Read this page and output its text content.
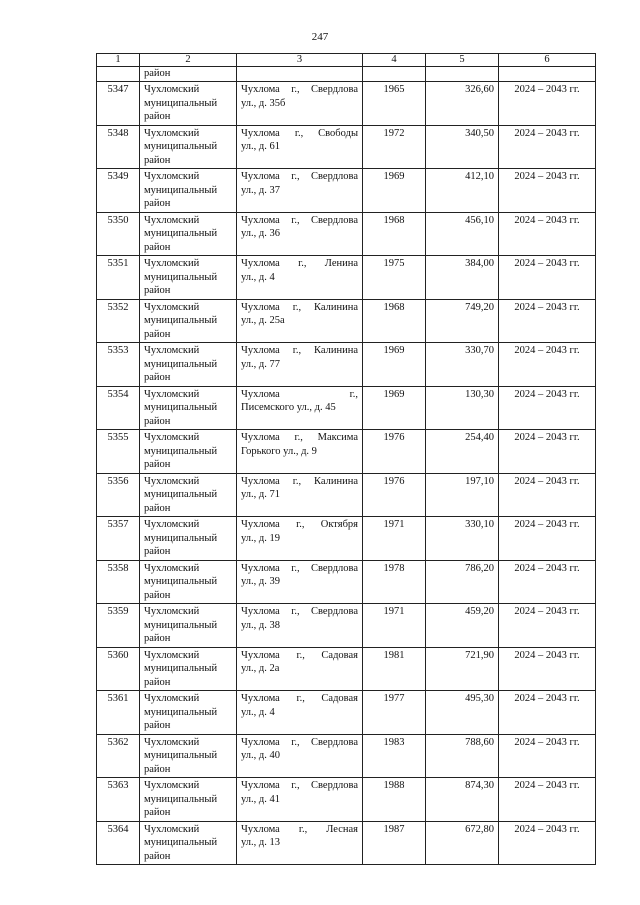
247
1	2	3	4	5	6
	район				
5347	Чухломский
муниципальный
район	Чухлома г., Свердлова
ул., д. 35б	1965	326,60	2024 – 2043 гг.
5348	Чухломский
муниципальный
район	Чухлома г., Свободы
ул., д. 61	1972	340,50	2024 – 2043 гг.
5349	Чухломский
муниципальный
район	Чухлома г., Свердлова
ул., д. 37	1969	412,10	2024 – 2043 гг.
5350	Чухломский
муниципальный
район	Чухлома г., Свердлова
ул., д. 36	1968	456,10	2024 – 2043 гг.
5351	Чухломский
муниципальный
район	Чухлома г., Ленина
ул., д. 4	1975	384,00	2024 – 2043 гг.
5352	Чухломский
муниципальный
район	Чухлома г., Калинина
ул., д. 25а	1968	749,20	2024 – 2043 гг.
5353	Чухломский
муниципальный
район	Чухлома г., Калинина
ул., д. 77	1969	330,70	2024 – 2043 гг.
5354	Чухломский
муниципальный
район	Чухлома г.,
Писемского ул., д. 45	1969	130,30	2024 – 2043 гг.
5355	Чухломский
муниципальный
район	Чухлома г., Максима
Горького ул., д. 9	1976	254,40	2024 – 2043 гг.
5356	Чухломский
муниципальный
район	Чухлома г., Калинина
ул., д. 71	1976	197,10	2024 – 2043 гг.
5357	Чухломский
муниципальный
район	Чухлома г., Октября
ул., д. 19	1971	330,10	2024 – 2043 гг.
5358	Чухломский
муниципальный
район	Чухлома г., Свердлова
ул., д. 39	1978	786,20	2024 – 2043 гг.
5359	Чухломский
муниципальный
район	Чухлома г., Свердлова
ул., д. 38	1971	459,20	2024 – 2043 гг.
5360	Чухломский
муниципальный
район	Чухлома г., Садовая
ул., д. 2а	1981	721,90	2024 – 2043 гг.
5361	Чухломский
муниципальный
район	Чухлома г., Садовая
ул., д. 4	1977	495,30	2024 – 2043 гг.
5362	Чухломский
муниципальный
район	Чухлома г., Свердлова
ул., д. 40	1983	788,60	2024 – 2043 гг.
5363	Чухломский
муниципальный
район	Чухлома г., Свердлова
ул., д. 41	1988	874,30	2024 – 2043 гг.
5364	Чухломский
муниципальный
район	Чухлома г., Лесная
ул., д. 13	1987	672,80	2024 – 2043 гг.
